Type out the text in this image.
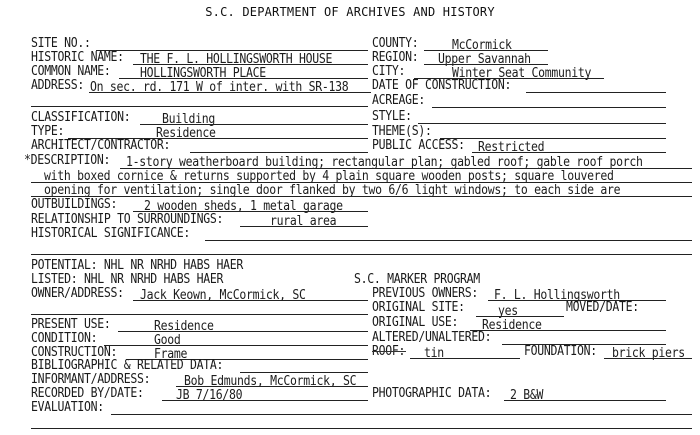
S.C. DEPARTMENT OF ARCHIVES AND HISTORY
SITE NO.:	COUNTY:	McCormick
HISTORIC NAME: THE F. L. HOLLINGSWORTH HOUSE	REGION: Upper Savannah
COMMON NAME:	HOLLINGSWORTH PLACE	CITY:	Winter Seat Community
ADDRESS: On sec. rd. 171 W of inter. with SR-138 DATE OF CONSTRUCTION:
ACREAGE:
CLASSIFICATION:	Building	STYLE:
TYPE:	Residence	THEME(S):
ARCHITECT/CONTRACTOR:	PUBLIC ACCESS: Restricted
*DESCRIPTION: 1-story weatherboard building; rectangular plan; gabled roof; gable roof porch
with boxed cornice & returns supported by 4 plain square wooden posts; square louvered
opening for ventilation; single door flanked by two 6/6 light windows; to each side are
OUTBUILDINGS: 2 wooden sheds, 1 metal garage
RELATIONSHIP TO SURROUNDINGS:	rural area
HISTORICAL SIGNIFICANCE:
POTENTIAL: NHL NR NRHD HABS HAER
LISTED: NHL NR NRHD HABS HAER	S.C. MARKER PROGRAM
OWNER/ADDRESS: Jack Keown, McCormick, SC	PREVIOUS OWNERS: F. L. Hollingsworth
ORIGINAL SITE:	yes	MOVED/DATE:
PRESENT USE:	Residence	ORIGINAL USE: Residence
CONDITION:	Good	ALTERED/UNALTERED:
CONSTRUCTION:	Frame	ROOF: tin	FOUNDATION: brick piers
BIBLIOGRAPHIC & RELATED DATA:
INFORMANT/ADDRESS:	Bob Edmunds, McCormick, SC
RECORDED BY/DATE:	JB 7/16/80	PHOTOGRAPHIC DATA: 2 B&W
EVALUATION:
